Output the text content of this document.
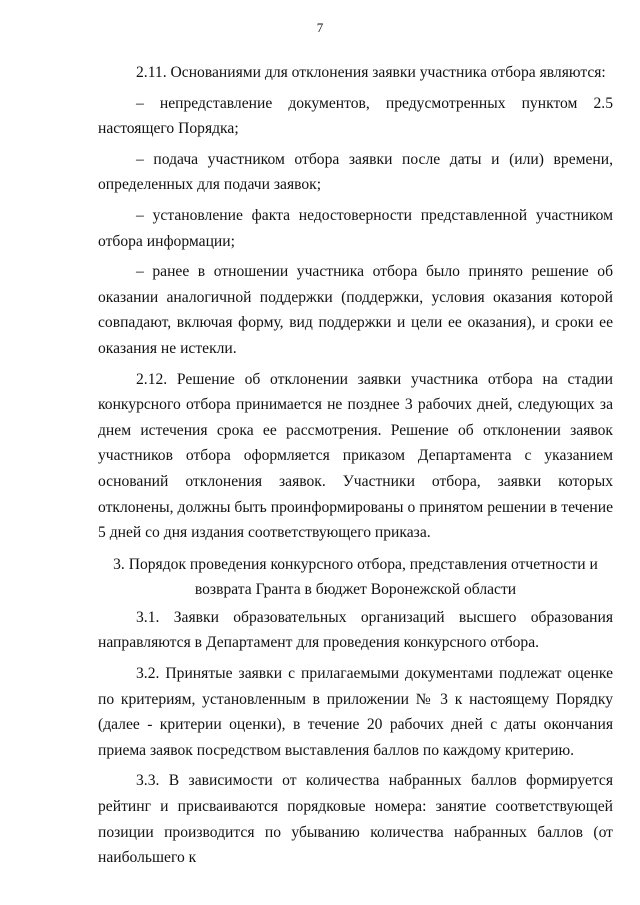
7

2.11. Основаниями для отклонения заявки участника отбора являются:

– непредставление документов, предусмотренных пунктом 2.5 настоящего Порядка;

– подача участником отбора заявки после даты и (или) времени, определенных для подачи заявок;

– установление факта недостоверности представленной участником отбора информации;

– ранее в отношении участника отбора было принято решение об оказании аналогичной поддержки (поддержки, условия оказания которой совпадают, включая форму, вид поддержки и цели ее оказания), и сроки ее оказания не истекли.

2.12. Решение об отклонении заявки участника отбора на стадии конкурсного отбора принимается не позднее 3 рабочих дней, следующих за днем истечения срока ее рассмотрения. Решение об отклонении заявок участников отбора оформляется приказом Департамента с указанием оснований отклонения заявок. Участники отбора, заявки которых отклонены, должны быть проинформированы о принятом решении в течение 5 дней со дня издания соответствующего приказа.

3. Порядок проведения конкурсного отбора, представления отчетности и
возврата Гранта в бюджет Воронежской области

3.1. Заявки образовательных организаций высшего образования направляются в Департамент для проведения конкурсного отбора.

3.2. Принятые заявки с прилагаемыми документами подлежат оценке по критериям, установленным в приложении № 3 к настоящему Порядку (далее - критерии оценки), в течение 20 рабочих дней с даты окончания приема заявок посредством выставления баллов по каждому критерию.

3.3. В зависимости от количества набранных баллов формируется рейтинг и присваиваются порядковые номера: занятие соответствующей позиции производится по убыванию количества набранных баллов (от наибольшего к
